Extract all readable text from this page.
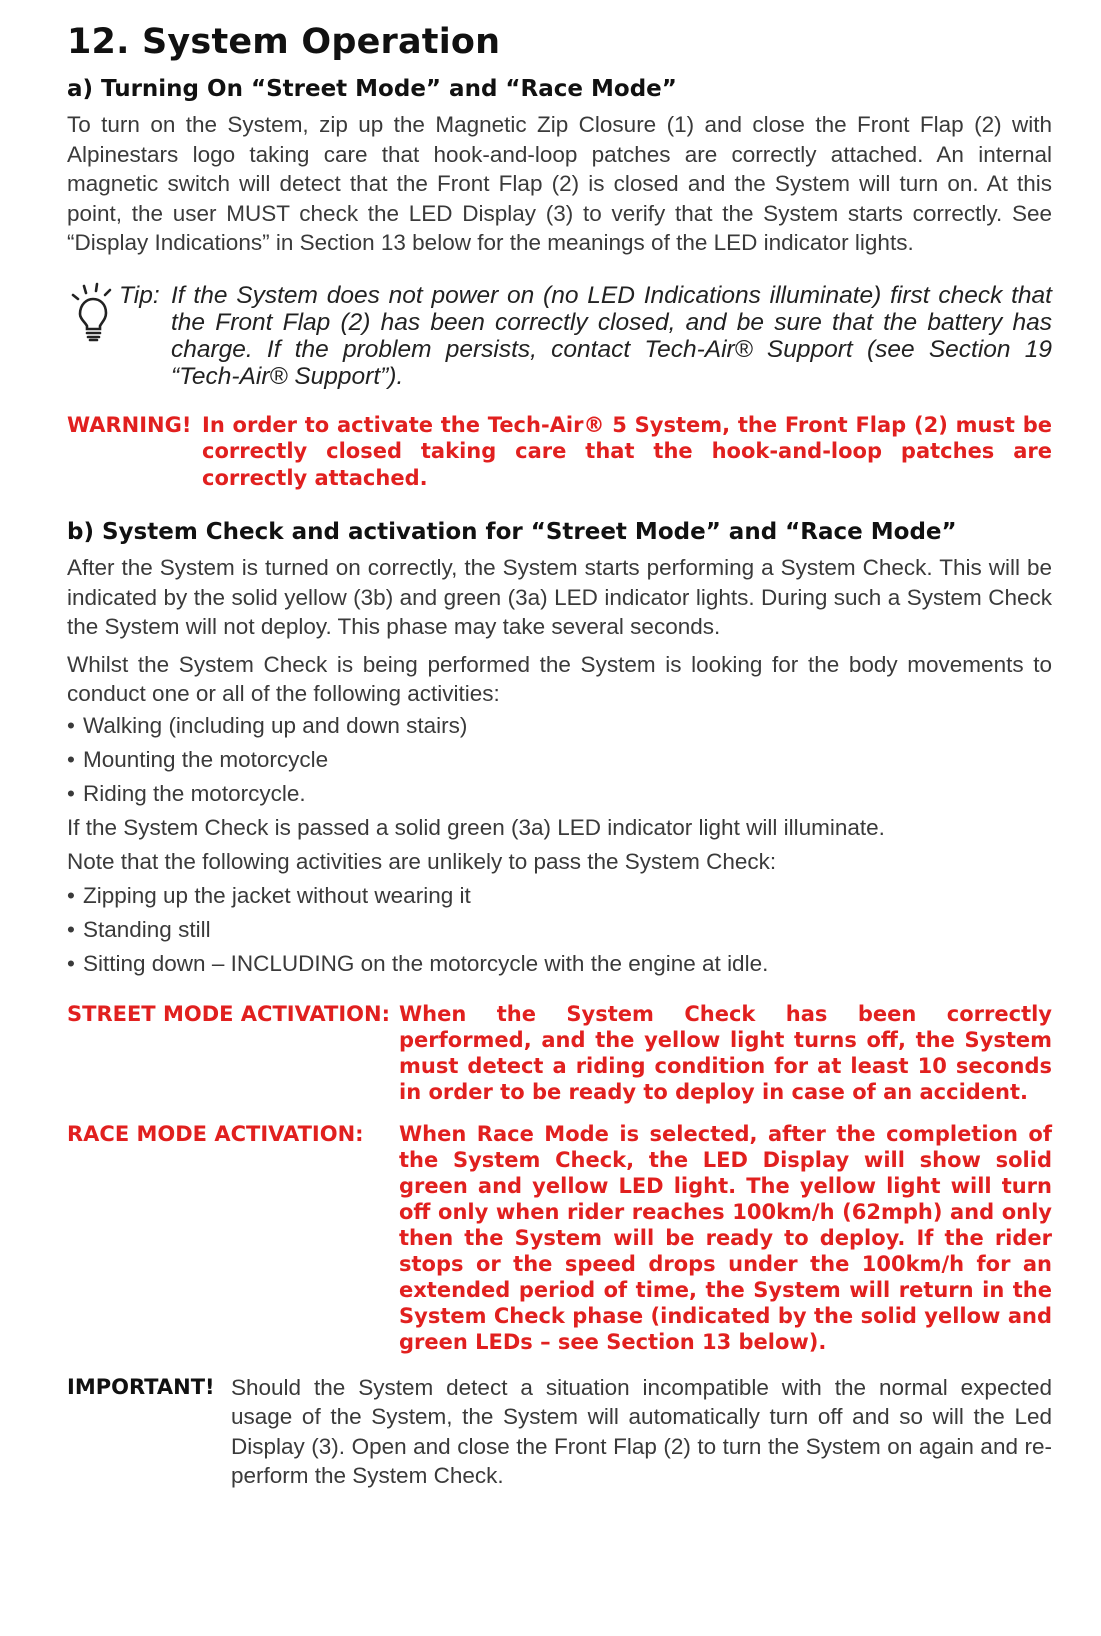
12. System Operation
a) Turning On “Street Mode” and “Race Mode”

To turn on the System, zip up the Magnetic Zip Closure (1) and close the Front Flap (2) with Alpinestars logo taking care that hook-and-loop patches are correctly attached. An internal magnetic switch will detect that the Front Flap (2) is closed and the System will turn on. At this point, the user MUST check the LED Display (3) to verify that the System starts correctly. See “Display Indications” in Section 13 below for the meanings of the LED indicator lights.

Tip: If the System does not power on (no LED Indications illuminate) first check that the Front Flap (2) has been correctly closed, and be sure that the battery has charge. If the problem persists, contact Tech-Air® Support (see Section 19 “Tech-Air® Support”).
WARNING! In order to activate the Tech-Air® 5 System, the Front Flap (2) must be correctly closed taking care that the hook-and-loop patches are correctly attached.
b) System Check and activation for “Street Mode” and “Race Mode”

After the System is turned on correctly, the System starts performing a System Check. This will be indicated by the solid yellow (3b) and green (3a) LED indicator lights. During such a System Check the System will not deploy. This phase may take several seconds.

Whilst the System Check is being performed the System is looking for the body movements to conduct one or all of the following activities:

• Walking (including up and down stairs)
• Mounting the motorcycle
• Riding the motorcycle.
If the System Check is passed a solid green (3a) LED indicator light will illuminate.
Note that the following activities are unlikely to pass the System Check:
• Zipping up the jacket without wearing it
• Standing still
• Sitting down – INCLUDING on the motorcycle with the engine at idle.
STREET MODE ACTIVATION: When the System Check has been correctly performed, and the yellow light turns off, the System must detect a riding condition for at least 10 seconds in order to be ready to deploy in case of an accident.
RACE MODE ACTIVATION:	When Race Mode is selected, after the completion of the System Check, the LED Display will show solid green and yellow LED light. The yellow light will turn off only when rider reaches 100km/h (62mph) and only then the System will be ready to deploy. If the rider stops or the speed drops under the 100km/h for an extended period of time, the System will return in the System Check phase (indicated by the solid yellow and green LEDs – see Section 13 below).
IMPORTANT! Should the System detect a situation incompatible with the normal expected usage of the System, the System will automatically turn off and so will the Led Display (3). Open and close the Front Flap (2) to turn the System on again and re- perform the System Check.
